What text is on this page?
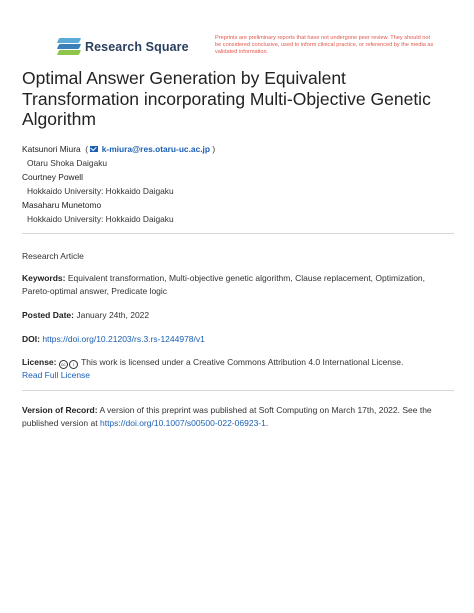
Research Square
Preprints are preliminary reports that have not undergone peer review. They should not be considered conclusive, used to inform clinical practice, or referenced by the media as validated information.
Optimal Answer Generation by Equivalent Transformation incorporating Multi-Objective Genetic Algorithm
Katsunori Miura  ( k-miura@res.otaru-uc.ac.jp )
Otaru Shoka Daigaku
Courtney Powell
Hokkaido University: Hokkaido Daigaku
Masaharu Munetomo
Hokkaido University: Hokkaido Daigaku
Research Article
Keywords: Equivalent transformation, Multi-objective genetic algorithm, Clause replacement, Optimization, Pareto-optimal answer, Predicate logic
Posted Date: January 24th, 2022
DOI: https://doi.org/10.21203/rs.3.rs-1244978/v1
License: cc i This work is licensed under a Creative Commons Attribution 4.0 International License.
Read Full License
Version of Record: A version of this preprint was published at Soft Computing on March 17th, 2022. See the published version at https://doi.org/10.1007/s00500-022-06923-1.
